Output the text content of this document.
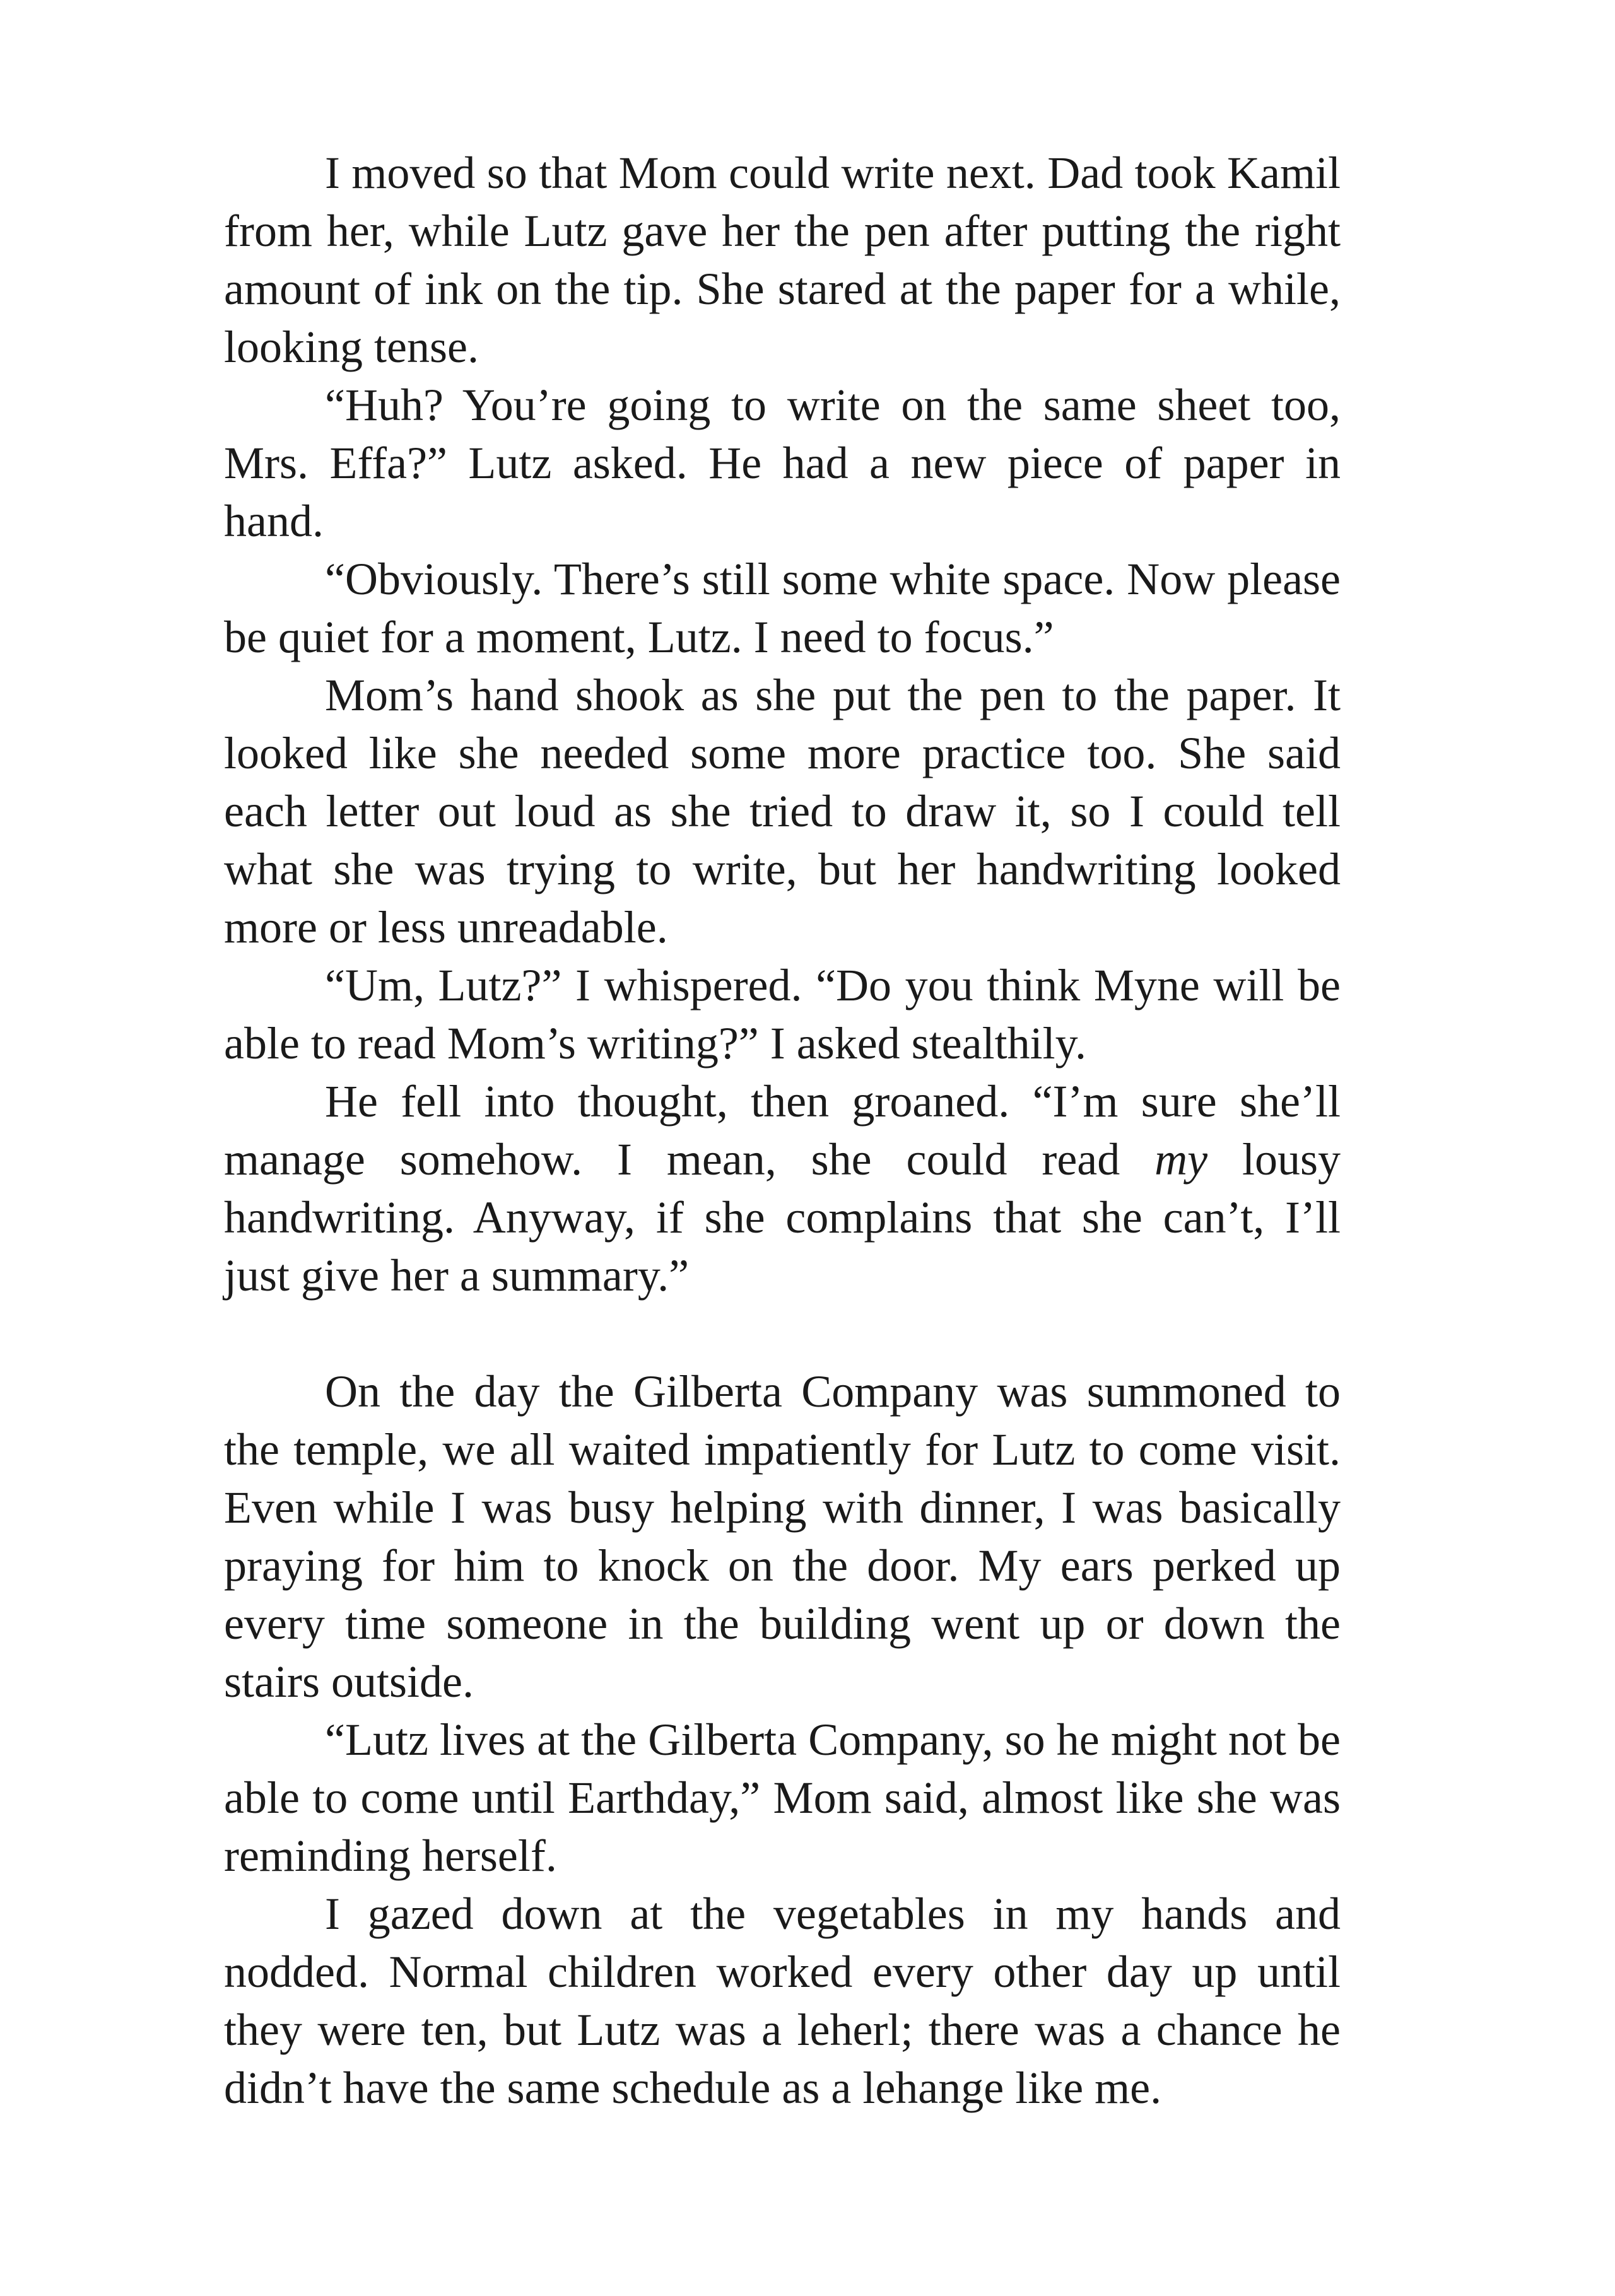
I moved so that Mom could write next. Dad took Kamil from her, while Lutz gave her the pen after putting the right amount of ink on the tip. She stared at the paper for a while, looking tense.

“Huh? You’re going to write on the same sheet too, Mrs. Effa?” Lutz asked. He had a new piece of paper in hand.

“Obviously. There’s still some white space. Now please be quiet for a moment, Lutz. I need to focus.”

Mom’s hand shook as she put the pen to the paper. It looked like she needed some more practice too. She said each letter out loud as she tried to draw it, so I could tell what she was trying to write, but her handwriting looked more or less unreadable.

“Um, Lutz?” I whispered. “Do you think Myne will be able to read Mom’s writing?” I asked stealthily.

He fell into thought, then groaned. “I’m sure she’ll manage somehow. I mean, she could read my lousy handwriting. Anyway, if she complains that she can’t, I’ll just give her a summary.”

On the day the Gilberta Company was summoned to the temple, we all waited impatiently for Lutz to come visit. Even while I was busy helping with dinner, I was basically praying for him to knock on the door. My ears perked up every time someone in the building went up or down the stairs outside.

“Lutz lives at the Gilberta Company, so he might not be able to come until Earthday,” Mom said, almost like she was reminding herself.

I gazed down at the vegetables in my hands and nodded. Normal children worked every other day up until they were ten, but Lutz was a leherl; there was a chance he didn’t have the same schedule as a lehange like me.
